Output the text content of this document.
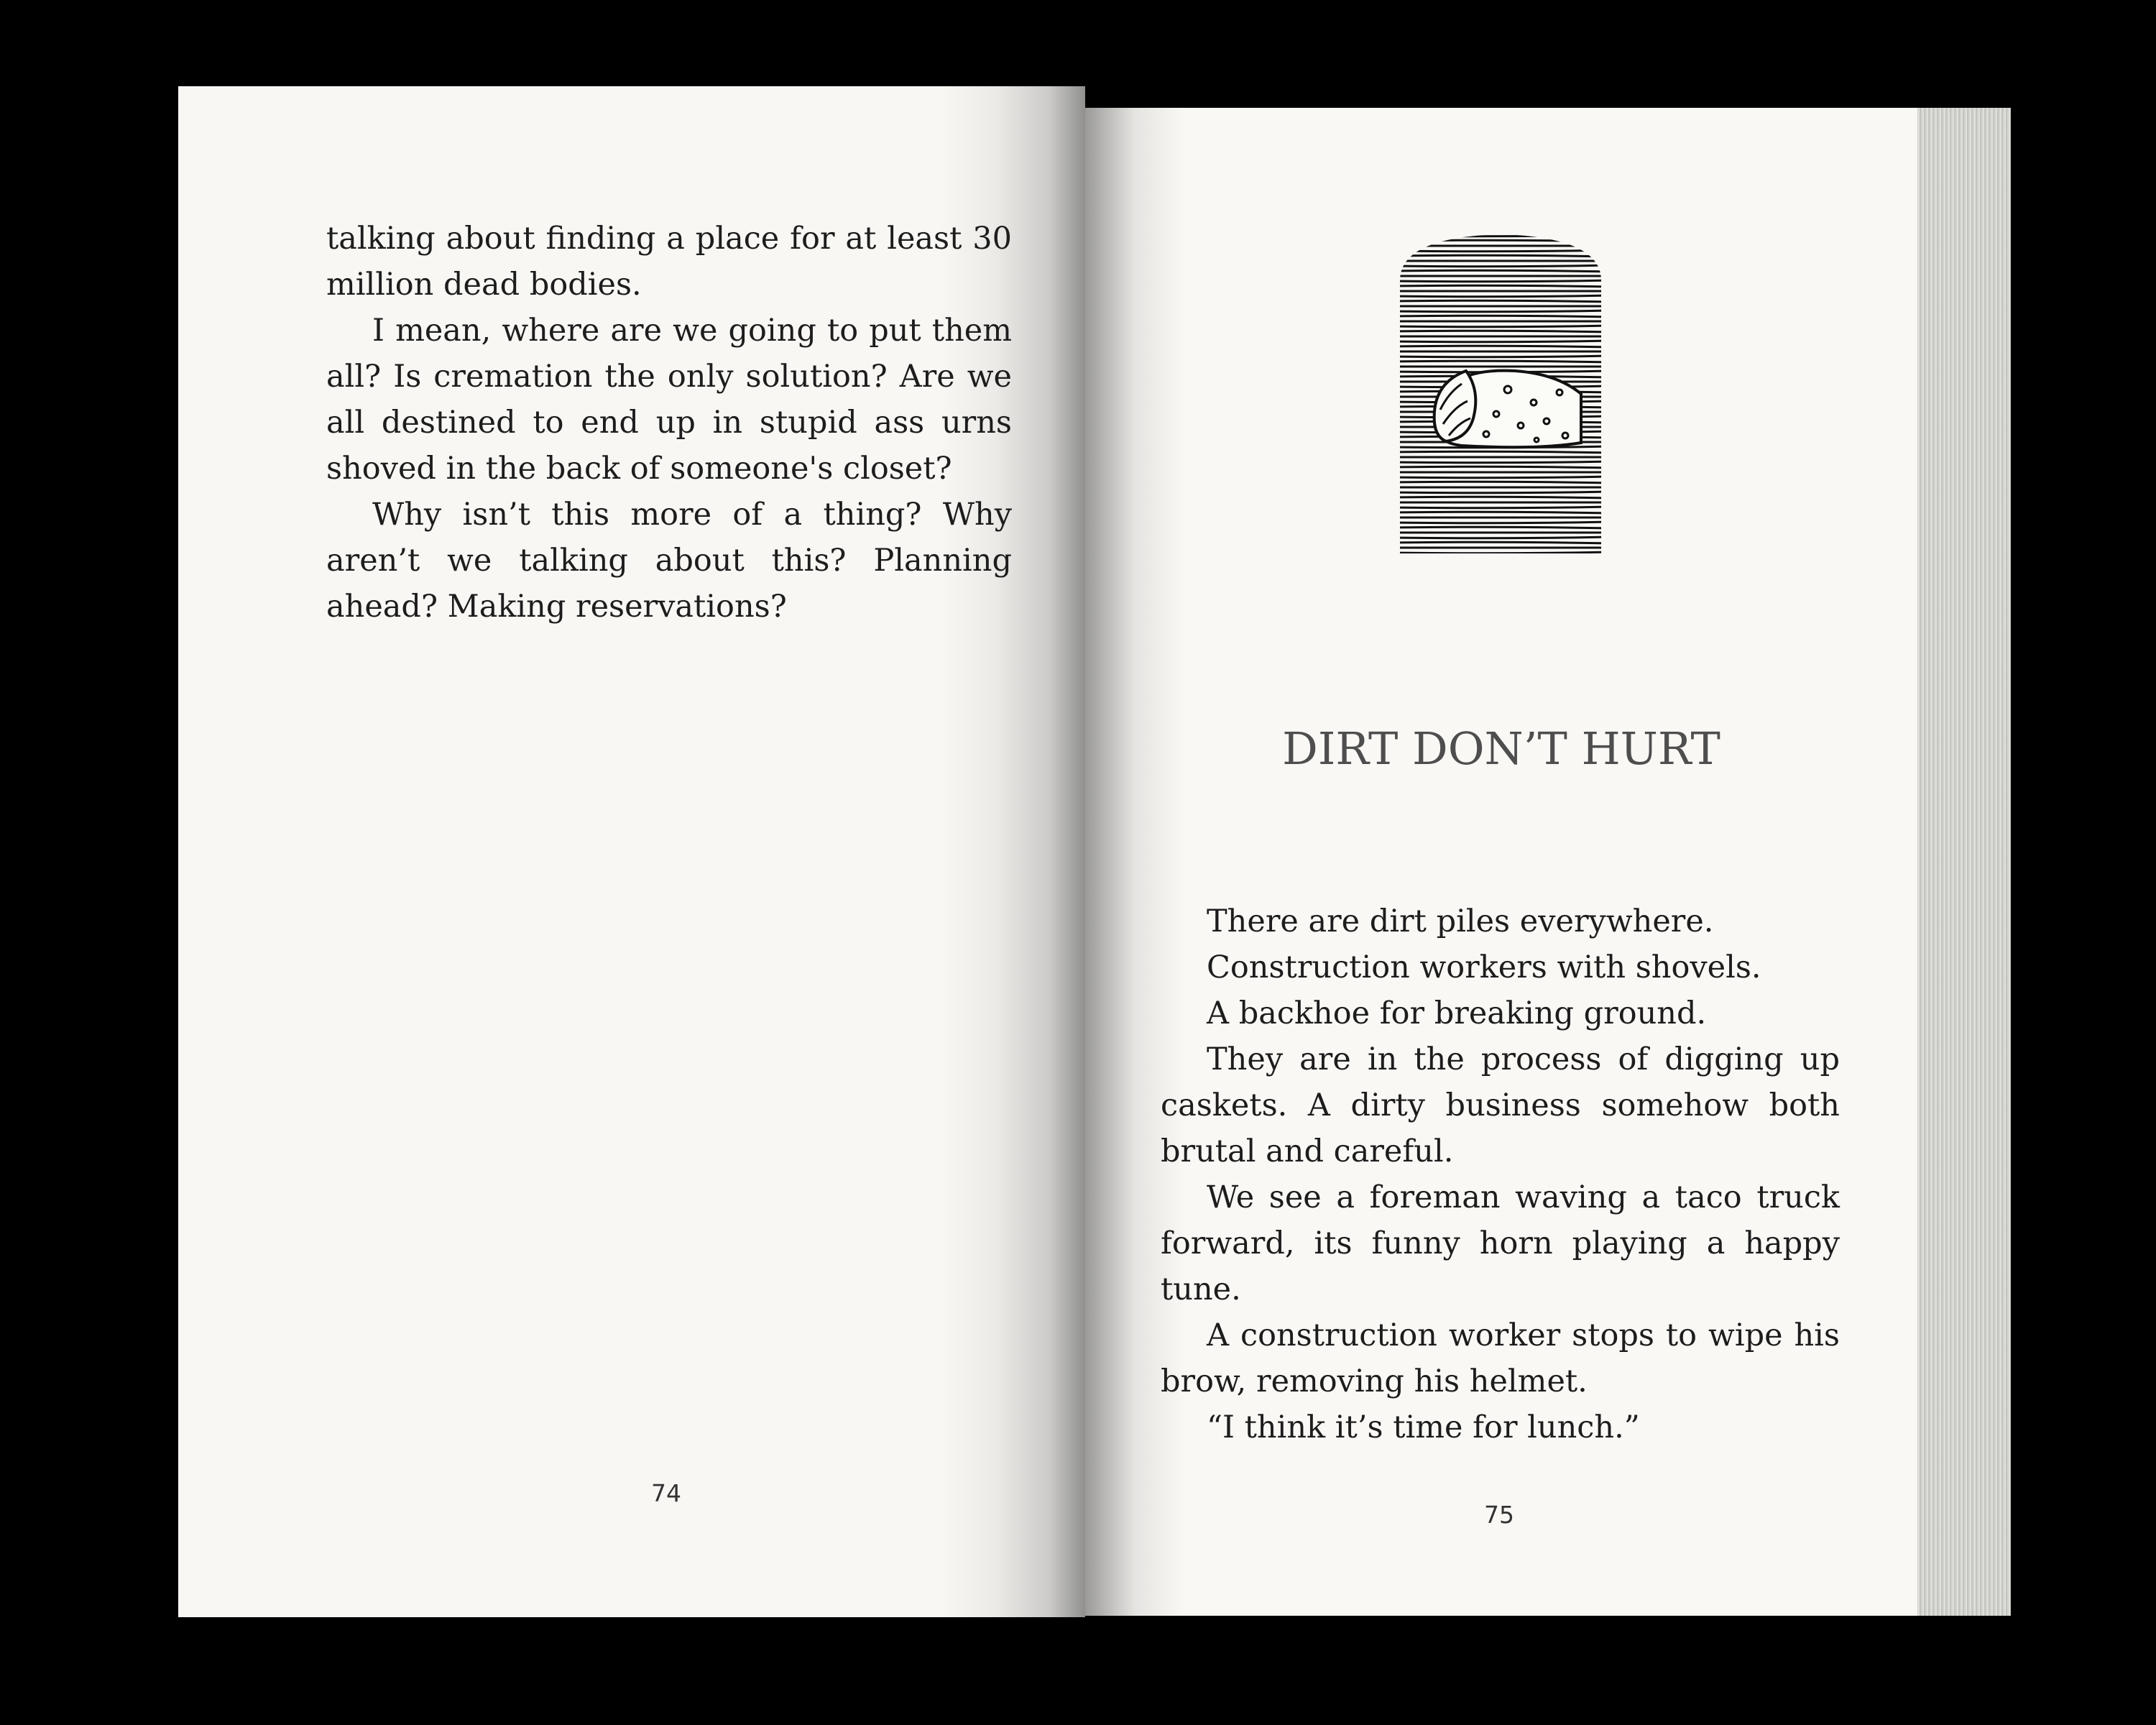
talking about finding a place for at least 30 million dead bodies.

I mean, where are we going to put them all? Is cremation the only solution? Are we all destined to end up in stupid ass urns shoved in the back of someone's closet?

Why isn’t this more of a thing? Why aren’t we talking about this? Planning ahead? Making reservations?

74
DIRT DON’T HURT

There are dirt piles everywhere.

Construction workers with shovels.

A backhoe for breaking ground.

They are in the process of digging up caskets. A dirty business somehow both brutal and careful.

We see a foreman waving a taco truck forward, its funny horn playing a happy tune.

A construction worker stops to wipe his brow, removing his helmet.

“I think it’s time for lunch.”

75
